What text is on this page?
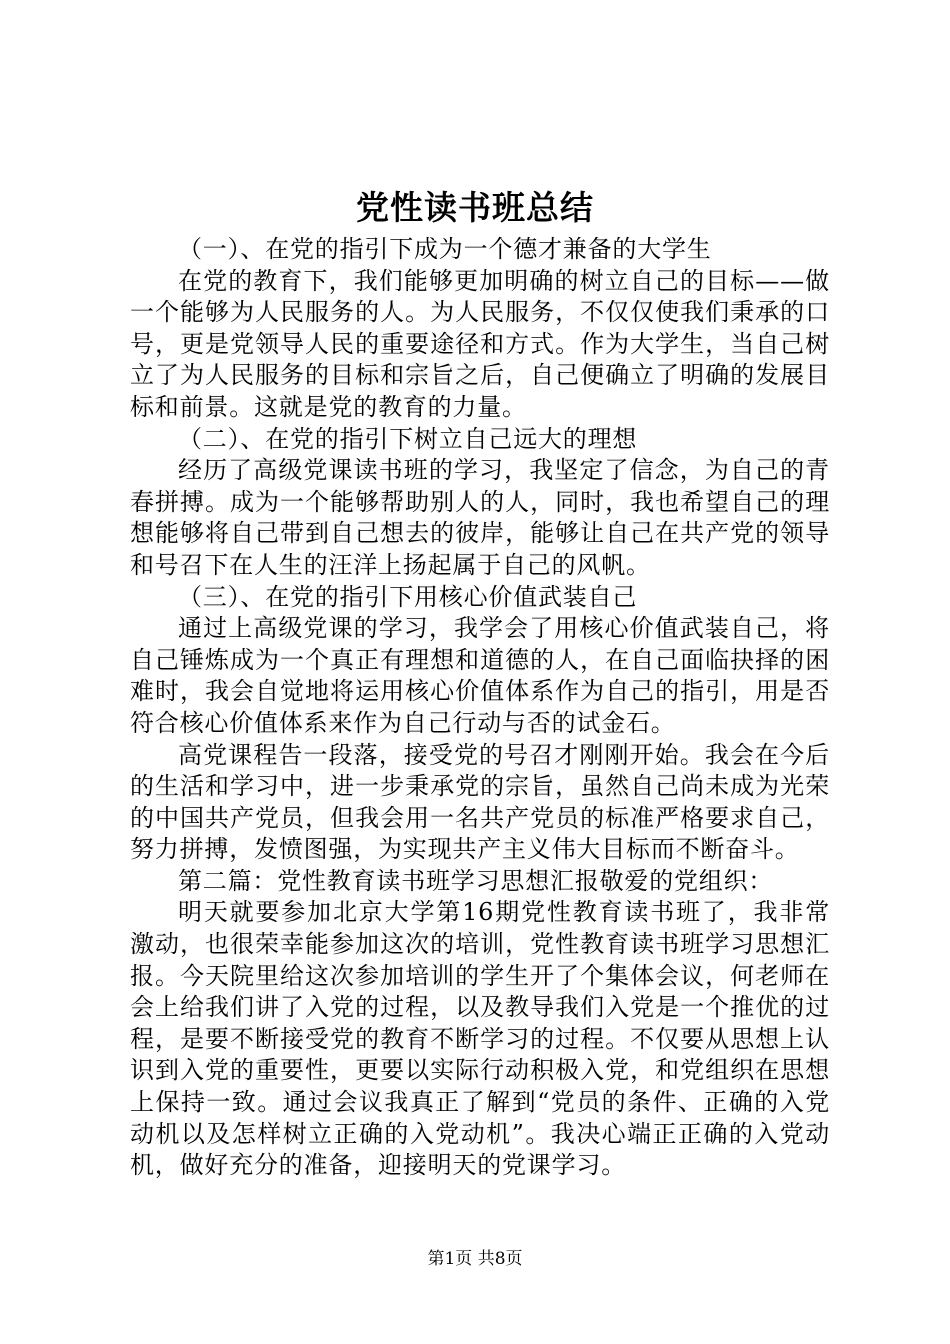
党性读书班总结

（一）、在党的指引下成为一个德才兼备的大学生

在党的教育下，我们能够更加明确的树立自己的目标——做一个能够为人民服务的人。为人民服务，不仅仅使我们秉承的口号，更是党领导人民的重要途径和方式。作为大学生，当自己树立了为人民服务的目标和宗旨之后，自己便确立了明确的发展目标和前景。这就是党的教育的力量。

（二）、在党的指引下树立自己远大的理想

经历了高级党课读书班的学习，我坚定了信念，为自己的青春拼搏。成为一个能够帮助别人的人，同时，我也希望自己的理想能够将自己带到自己想去的彼岸，能够让自己在共产党的领导和号召下在人生的汪洋上扬起属于自己的风帆。

（三）、在党的指引下用核心价值武装自己

通过上高级党课的学习，我学会了用核心价值武装自己，将自己锤炼成为一个真正有理想和道德的人，在自己面临抉择的困难时，我会自觉地将运用核心价值体系作为自己的指引，用是否符合核心价值体系来作为自己行动与否的试金石。

高党课程告一段落，接受党的号召才刚刚开始。我会在今后的生活和学习中，进一步秉承党的宗旨，虽然自己尚未成为光荣的中国共产党员，但我会用一名共产党员的标准严格要求自己，努力拼搏，发愤图强，为实现共产主义伟大目标而不断奋斗。

第二篇：党性教育读书班学习思想汇报敬爱的党组织：

明天就要参加北京大学第16期党性教育读书班了，我非常激动，也很荣幸能参加这次的培训，党性教育读书班学习思想汇报。今天院里给这次参加培训的学生开了个集体会议，何老师在会上给我们讲了入党的过程，以及教导我们入党是一个推优的过程，是要不断接受党的教育不断学习的过程。不仅要从思想上认识到入党的重要性，更要以实际行动积极入党，和党组织在思想上保持一致。通过会议我真正了解到“党员的条件、正确的入党动机以及怎样树立正确的入党动机”。我决心端正正确的入党动机，做好充分的准备，迎接明天的党课学习。

第1页 共8页
